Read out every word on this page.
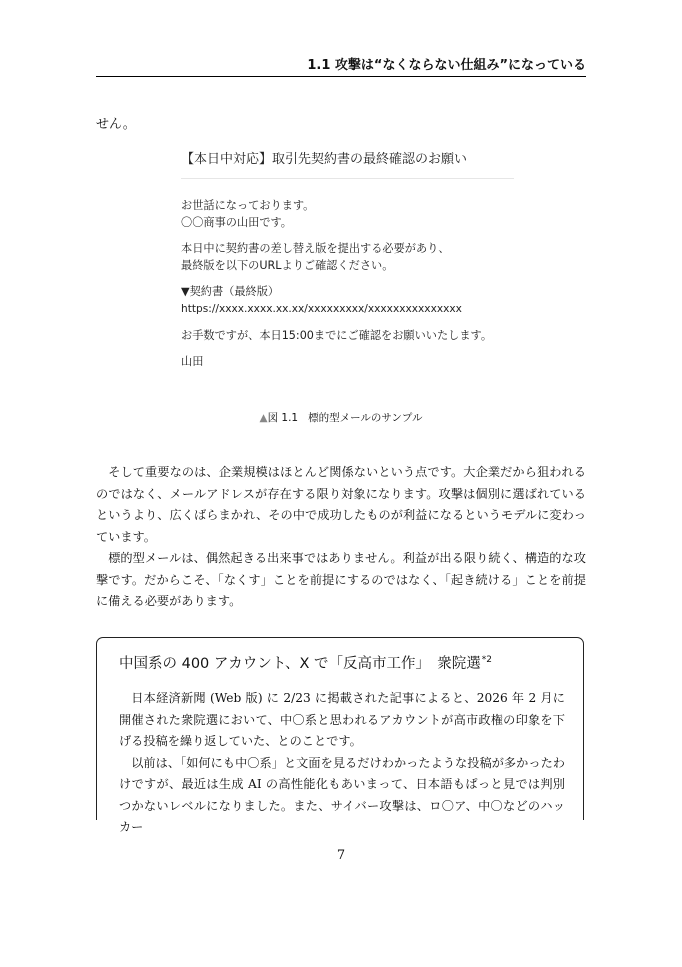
1.1 攻撃は“なくならない仕組み”になっている
せん。
【本日中対応】取引先契約書の最終確認のお願い

お世話になっております。
〇〇商事の山田です。

本日中に契約書の差し替え版を提出する必要があり、
最終版を以下のURLよりご確認ください。

▼契約書（最終版）
https://xxxx.xxxx.xx.xx/xxxxxxxxx/xxxxxxxxxxxxxxx

お手数ですが、本日15:00までにご確認をお願いいたします。

山田

▲図 1.1 標的型メールのサンプル

そして重要なのは、企業規模はほとんど関係ないという点です。大企業だから狙われるのではなく、メールアドレスが存在する限り対象になります。攻撃は個別に選ばれているというより、広くばらまかれ、その中で成功したものが利益になるというモデルに変わっています。

標的型メールは、偶然起きる出来事ではありません。利益が出る限り続く、構造的な攻撃です。だからこそ、「なくす」ことを前提にするのではなく、「起き続ける」ことを前提に備える必要があります。

中国系の 400 アカウント、X で「反高市工作」　衆院選$^{*2}$

日本経済新聞 (Web 版) に 2/23 に掲載された記事によると、2026 年 2 月に開催された衆院選において、中〇系と思われるアカウントが高市政権の印象を下げる投稿を繰り返していた、とのことです。

以前は、「如何にも中〇系」と文面を見るだけわかったような投稿が多かったわけですが、最近は生成 AI の高性能化もあいまって、日本語もぱっと見では判別つかないレベルになりました。また、サイバー攻撃は、ロ〇ア、中〇などのハッカー

7
